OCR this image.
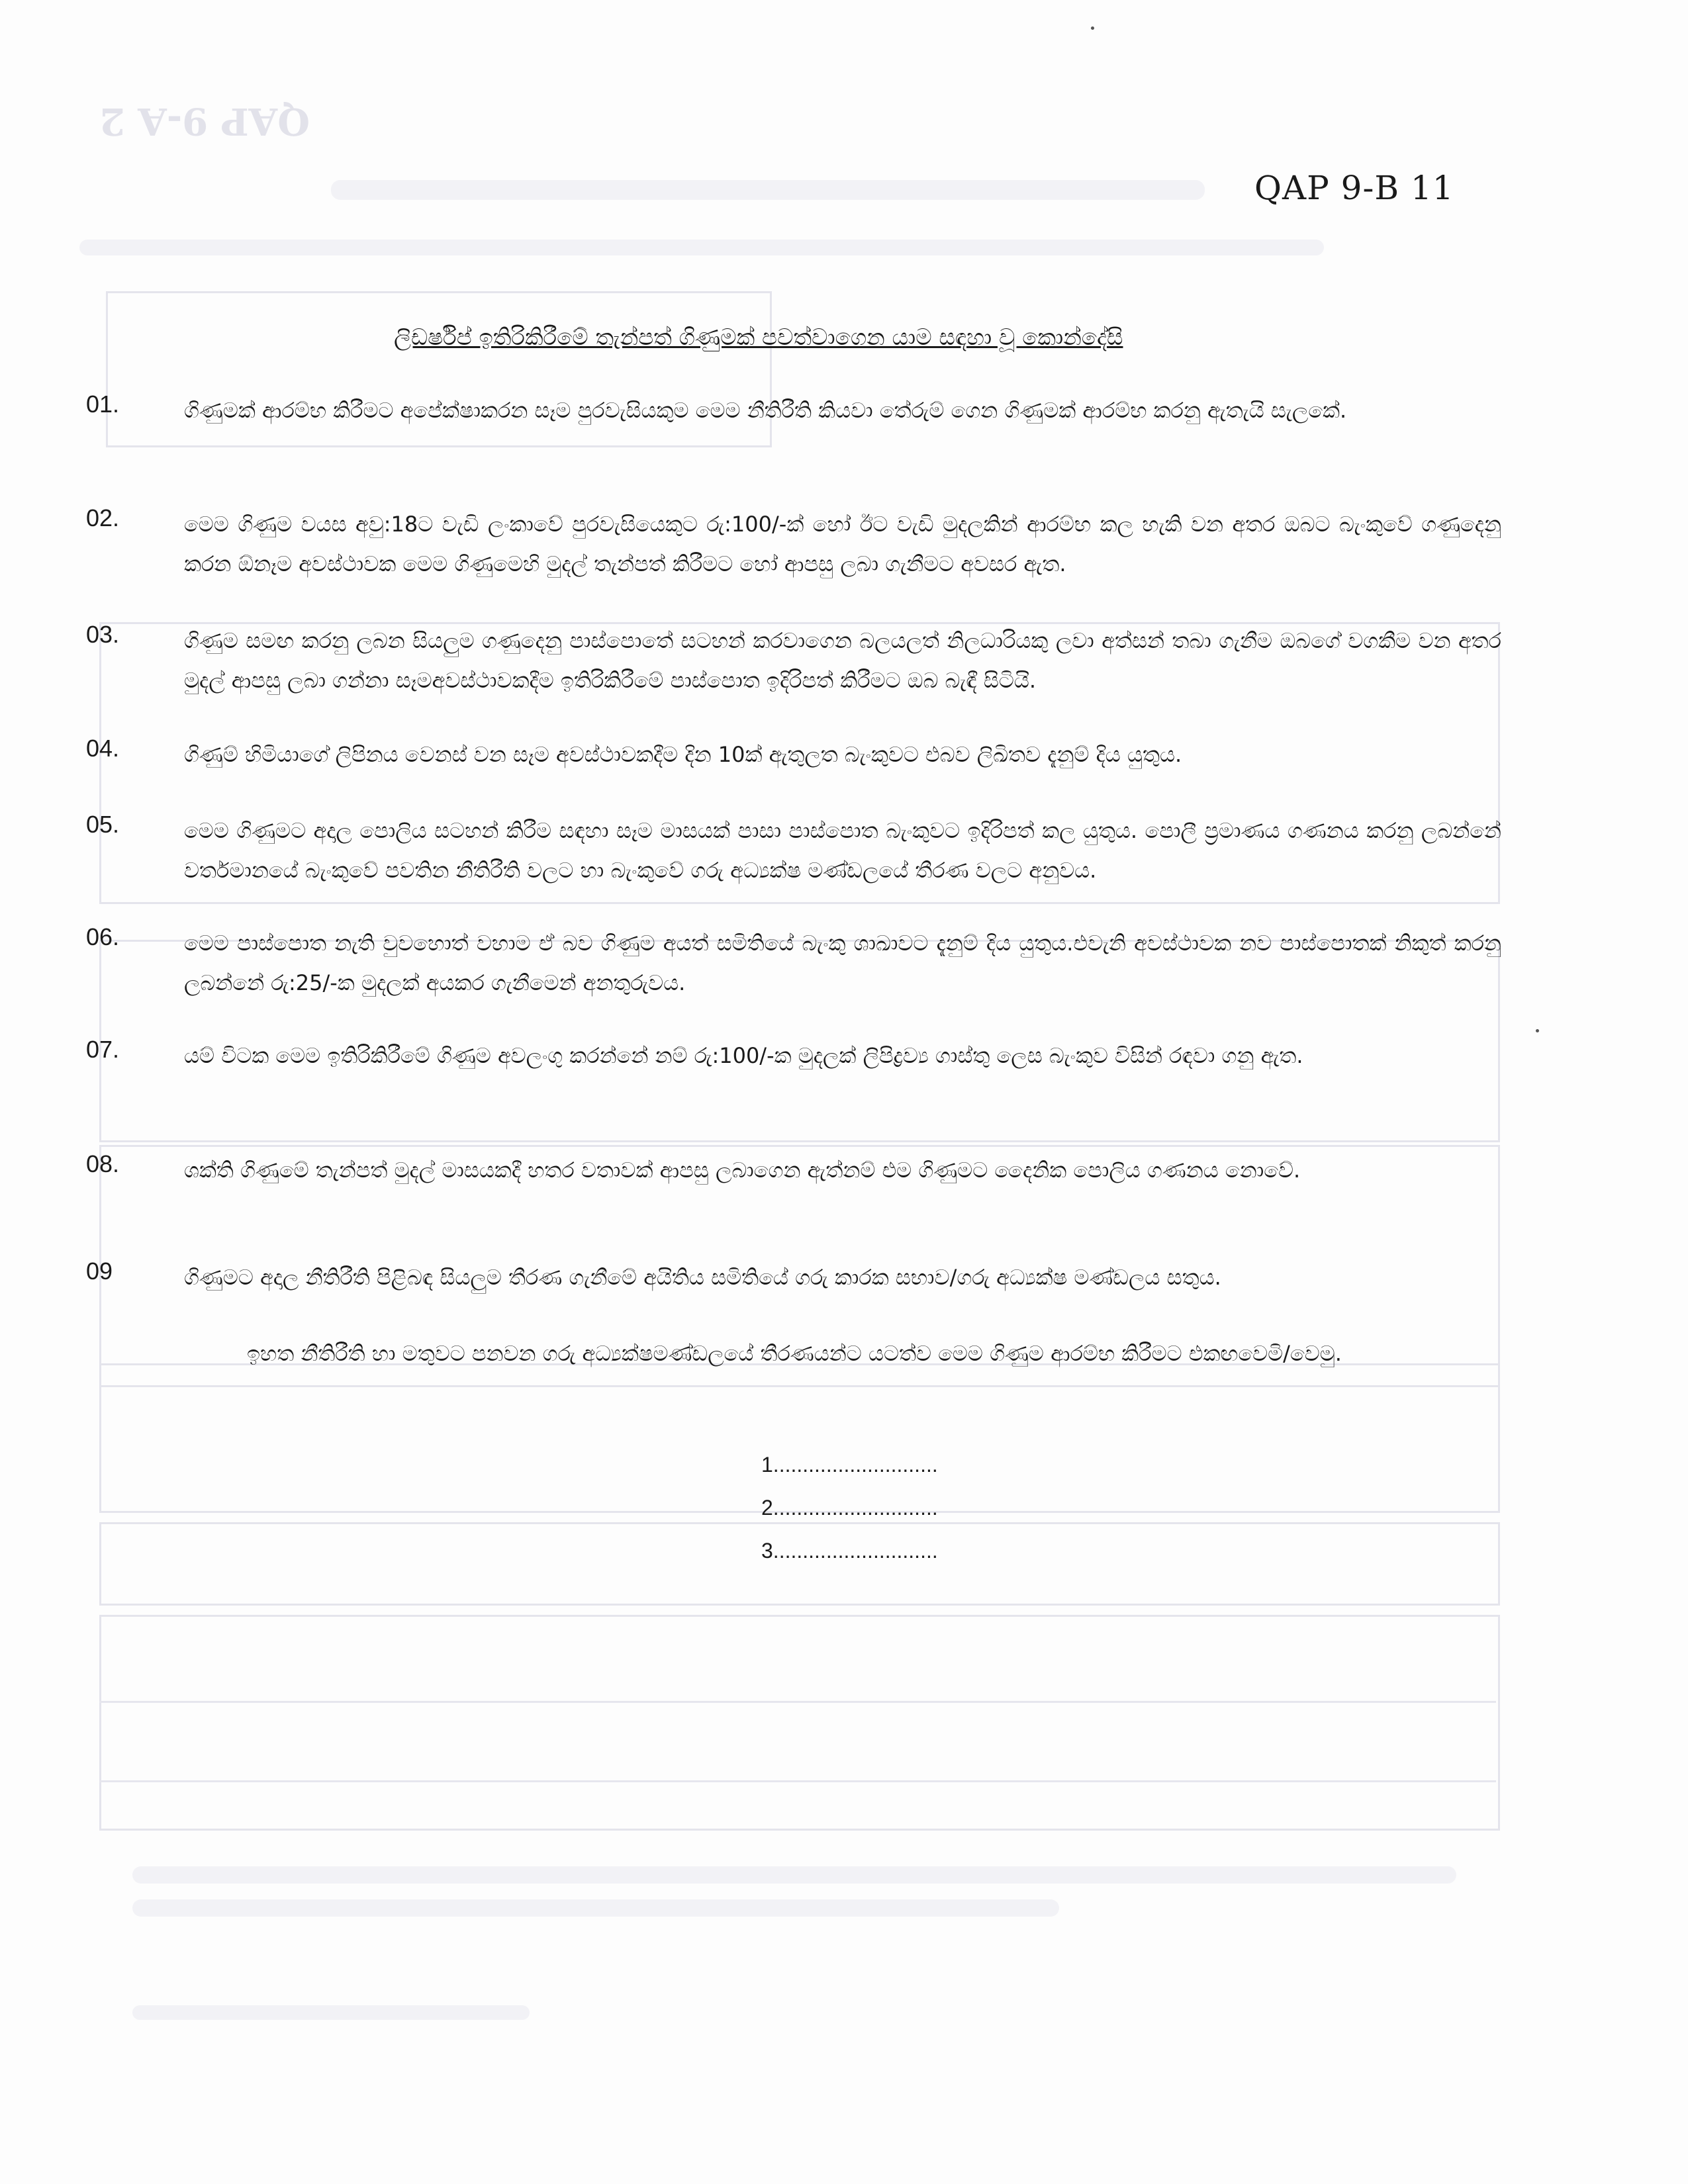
QAP 9-A 2
QAP 9-B 11
ලිඩර්ෂිප් ඉතිරිකිරීමේ තැන්පත් ගිණුමක් පවත්වාගෙන යාම සඳහා වූ කොන්දේසි
01.	ගිණුමක් ආරම්භ කිරීමට අපේක්ෂාකරන සෑම පුරවැසියකුම මෙම නීතිරීති කියවා තේරුම් ගෙන ගිණුමක් ආරම්භ කරනු ඇතැයි සැලකේ.
02.	මෙම ගිණුම වයස අවු:18ට වැඩි ලංකාවේ පුරවැසියෙකුට රු:100/-ක් හෝ ඊට වැඩි මුදලකින් ආරම්භ කල හැකි වන අතර ඔබට බැංකුවේ ගණුදෙනු කරන ඕනෑම අවස්ථාවක මෙම ගිණුමෙහි මුදල් තැන්පත් කිරීමට හෝ ආපසු ලබා ගැනීමට අවසර ඇත.
03.	ගිණුම සමඟ කරනු ලබන සියලුම ගණුදෙනු පාස්පොතේ සටහන් කරවාගෙන බලයලත් නිලධාරියකු ලවා අත්සන් තබා ගැනීම ඔබගේ වගකීම වන අතර මුදල් ආපසු ලබා ගන්නා සෑමඅවස්ථාවකදීම ඉතිරිකිරීමේ පාස්පොත ඉදිරිපත් කිරීමට ඔබ බැඳී සිටියි.
04.	ගිණුම් හිමියාගේ ලිපිනය වෙනස් වන සෑම අවස්ථාවකදීම දින 10ක් ඇතුලත බැංකුවට එබව ලිඛිතව දැනුම් දිය යුතුය.
05.	මෙම ගිණුමට අදාල පොලිය සටහන් කිරීම සඳහා සෑම මාසයක් පාසා පාස්පොත බැංකුවට ඉදිරිපත් කල යුතුය. පොලී ප්‍රමාණය ගණනය කරනු ලබන්නේ වර්තමානයේ බැංකුවේ පවතින නීතිරීති වලට හා බැංකුවේ ගරු අධ්‍යක්ෂ මණ්ඩලයේ තීරණ වලට අනුවය.
06.	මෙම පාස්පොත නැති වුවහොත් වහාම ඒ බව ගිණුම අයත් සමිතියේ බැංකු ශාඛාවට දැනුම් දිය යුතුය.එවැනි අවස්ථාවක නව පාස්පොතක් නිකුත් කරනු ලබන්නේ රු:25/-ක මුදලක් අයකර ගැනීමෙන් අනතුරුවය.
07.	යම් විටක මෙම ඉතිරිකිරීමේ ගිණුම අවලංගු කරන්නේ නම් රු:100/-ක මුදලක් ලිපිද්‍රව්‍ය ගාස්තු ලෙස බැංකුව විසින් රඳවා ගනු ඇත.
08.	ශක්ති ගිණුමේ තැන්පත් මුදල් මාසයකදී හතර වතාවක් ආපසු ලබාගෙන ඇත්නම් එම ගිණුමට දෛනික පොලිය ගණනය නොවේ.
09	ගිණුමට අදාල නීතිරීති පිළිබඳ සියලුම තීරණ ගැනීමේ අයිතිය සමිතියේ ගරු කාරක සභාව/ගරු අධ්‍යක්ෂ මණ්ඩලය සතුය.
ඉහත නීතිරීති හා මතුවට පනවන ගරු අධ්‍යක්ෂමණ්ඩලයේ තීරණයන්ට යටත්ව මෙම ගිණුම ආරම්භ කිරීමට එකඟවෙමි/වෙමු.
1............................
2............................
3............................
